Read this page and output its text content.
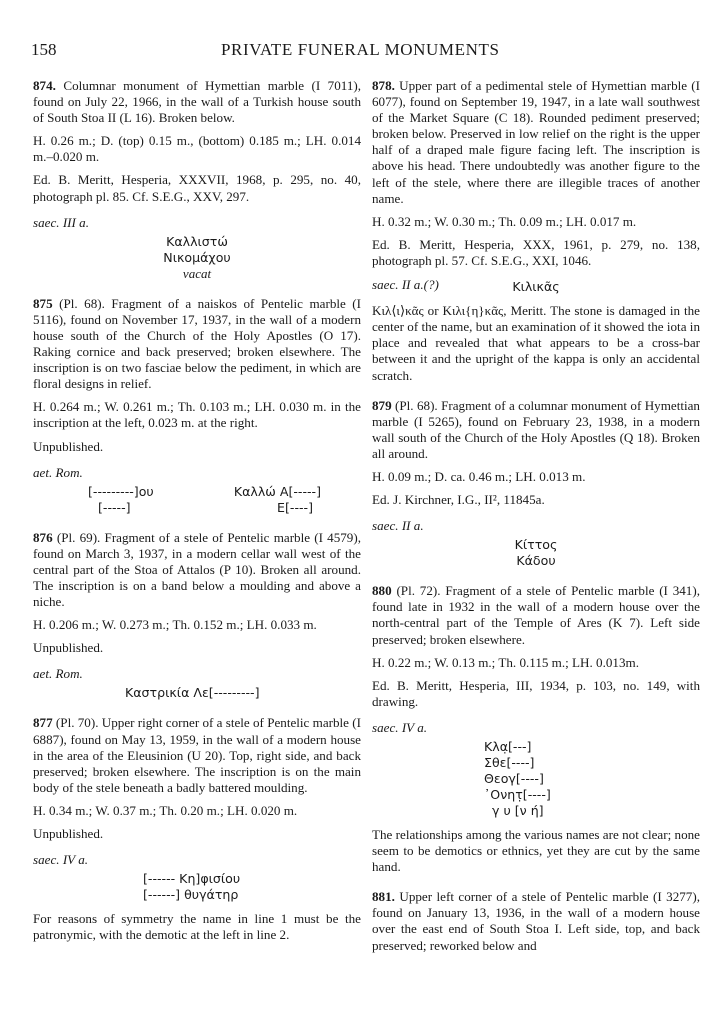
158	PRIVATE FUNERAL MONUMENTS

874. Columnar monument of Hymettian marble (I 7011), found on July 22, 1966, in the wall of a Turkish house south of South Stoa II (L 16). Broken below.

H. 0.26 m.; D. (top) 0.15 m., (bottom) 0.185 m.; LH. 0.014 m.–0.020 m.

Ed. B. Meritt, Hesperia, XXXVII, 1968, p. 295, no. 40, photograph pl. 85. Cf. S.E.G., XXV, 297.

saec. III a.

Καλλιστώ
Νικομάχου
vacat

875 (Pl. 68). Fragment of a naiskos of Pentelic marble (I 5116), found on November 17, 1937, in the wall of a modern house south of the Church of the Holy Apostles (O 17). Raking cornice and back preserved; broken elsewhere. The inscription is on two fasciae below the pediment, in which are floral designs in relief.

H. 0.264 m.; W. 0.261 m.; Th. 0.103 m.; LH. 0.030 m. in the inscription at the left, 0.023 m. at the right.

Unpublished.

aet. Rom.

[---------]ου	Καλλώ Α[-----]
[-----]	Ε[----]

876 (Pl. 69). Fragment of a stele of Pentelic marble (I 4579), found on March 3, 1937, in a modern cellar wall west of the central part of the Stoa of Attalos (P 10). Broken all around. The inscription is on a band below a moulding and above a niche.

H. 0.206 m.; W. 0.273 m.; Th. 0.152 m.; LH. 0.033 m.

Unpublished.

aet. Rom.

Καστρικία Λε[---------]

877 (Pl. 70). Upper right corner of a stele of Pentelic marble (I 6887), found on May 13, 1959, in the wall of a modern house in the area of the Eleusinion (U 20). Top, right side, and back preserved; broken elsewhere. The inscription is on the main body of the stele beneath a badly battered moulding.

H. 0.34 m.; W. 0.37 m.; Th. 0.20 m.; LH. 0.020 m.

Unpublished.

saec. IV a.

[------ Κη]φισίου
[------] θυγάτηρ

For reasons of symmetry the name in line 1 must be the patronymic, with the demotic at the left in line 2.

878. Upper part of a pedimental stele of Hymettian marble (I 6077), found on September 19, 1947, in a late wall southwest of the Market Square (C 18). Rounded pediment preserved; broken below. Preserved in low relief on the right is the upper half of a draped male figure facing left. The inscription is above his head. There undoubtedly was another figure to the left of the stele, where there are illegible traces of another name.

H. 0.32 m.; W. 0.30 m.; Th. 0.09 m.; LH. 0.017 m.

Ed. B. Meritt, Hesperia, XXX, 1961, p. 279, no. 138, photograph pl. 57. Cf. S.E.G., XXI, 1046.

saec. II a.(?)	Κιλικᾶς

Κιλ⟨ι⟩κᾶς or Κιλι{η}κᾶς, Meritt. The stone is damaged in the center of the name, but an examination of it showed the iota in place and revealed that what appears to be a cross-bar between it and the upright of the kappa is only an accidental scratch.

879 (Pl. 68). Fragment of a columnar monument of Hymettian marble (I 5265), found on February 23, 1938, in a modern wall south of the Church of the Holy Apostles (Q 18). Broken all around.

H. 0.09 m.; D. ca. 0.46 m.; LH. 0.013 m.

Ed. J. Kirchner, I.G., II², 11845a.

saec. II a.

Κίττος
Κάδου

880 (Pl. 72). Fragment of a stele of Pentelic marble (I 341), found late in 1932 in the wall of a modern house over the north-central part of the Temple of Ares (K 7). Left side preserved; broken elsewhere.

H. 0.22 m.; W. 0.13 m.; Th. 0.115 m.; LH. 0.013m.

Ed. B. Meritt, Hesperia, III, 1934, p. 103, no. 149, with drawing.

saec. IV a.

Κλα̣[---]
Σθε[----]
Θεογ[----]
᾿Ονητ̣[----]
γ υ [ν ή]

The relationships among the various names are not clear; none seem to be demotics or ethnics, yet they are cut by the same hand.

881. Upper left corner of a stele of Pentelic marble (I 3277), found on January 13, 1936, in the wall of a modern house over the east end of South Stoa I. Left side, top, and back preserved; reworked below and
